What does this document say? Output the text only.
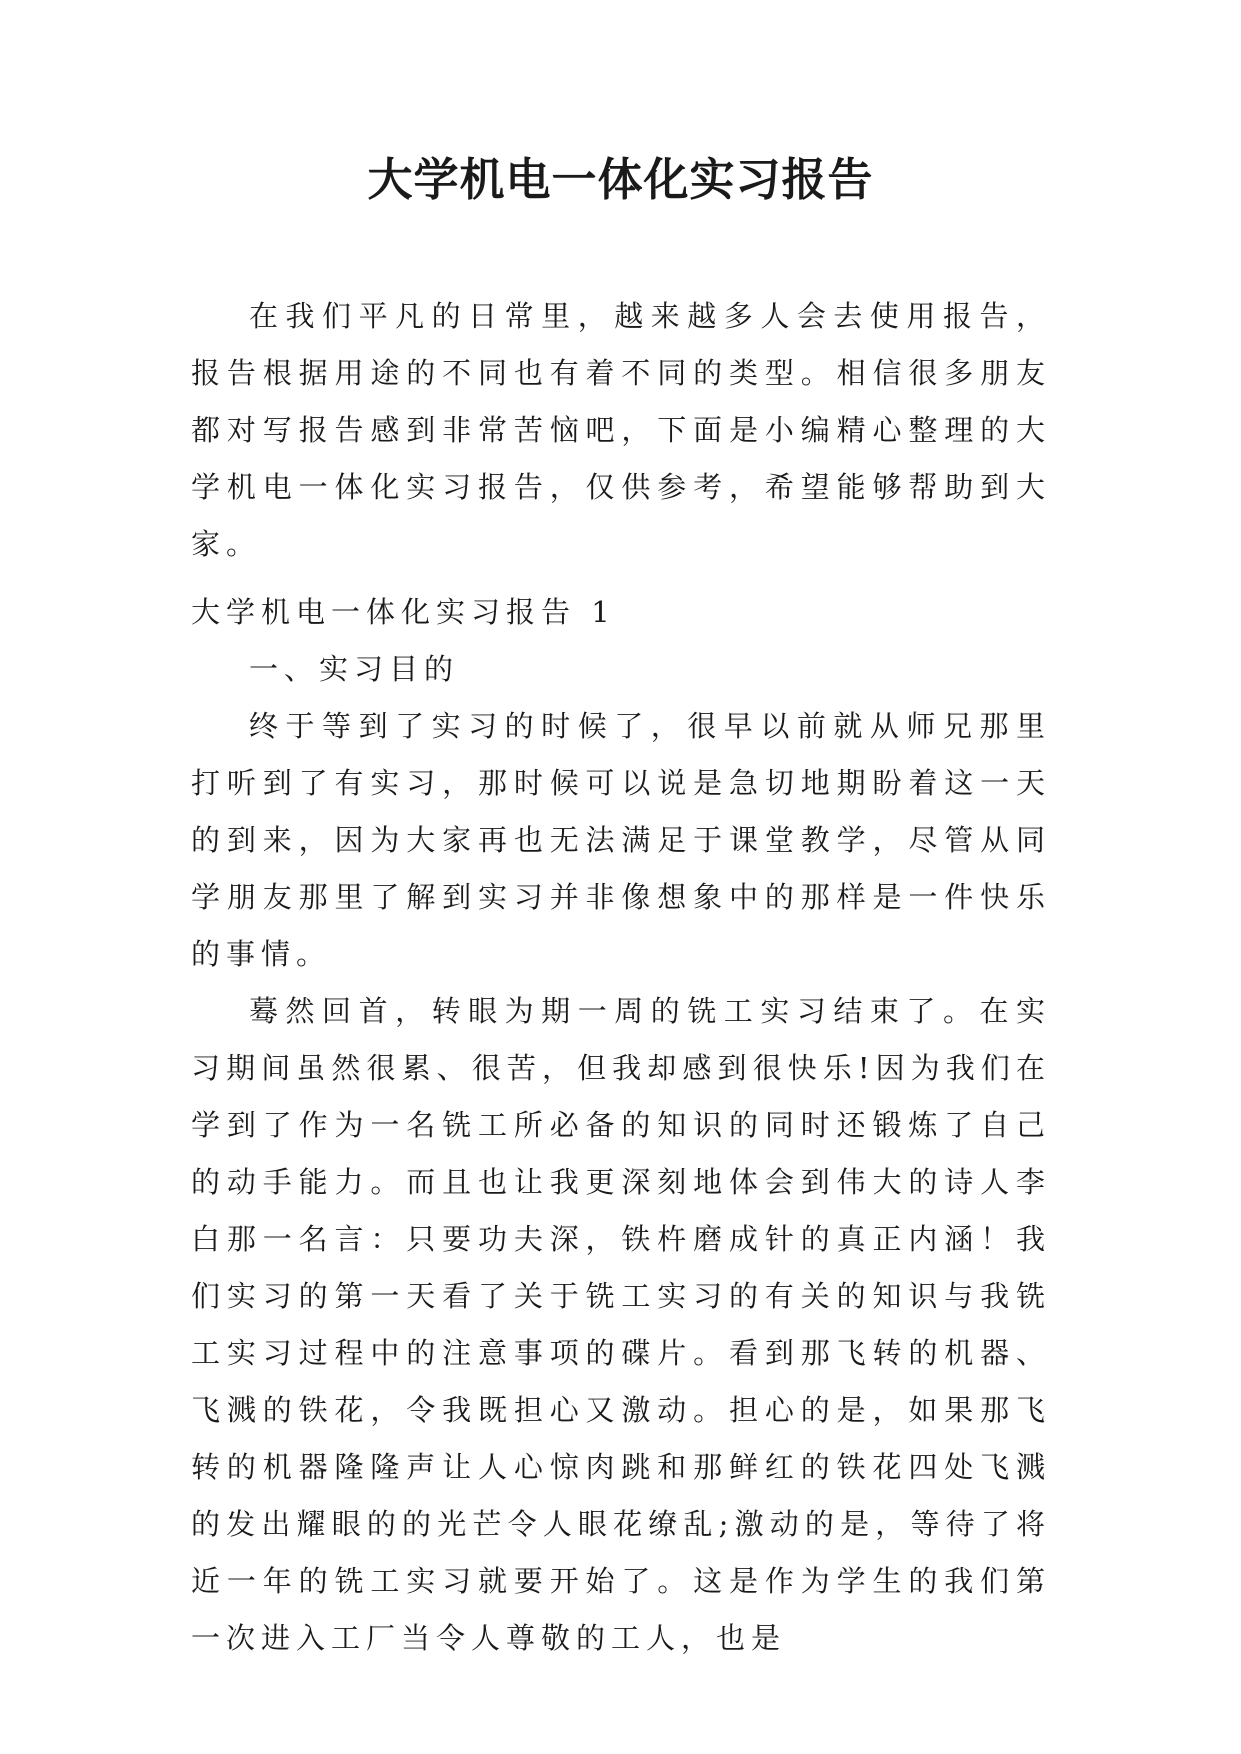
大学机电一体化实习报告

在我们平凡的日常里，越来越多人会去使用报告，报告根据用途的不同也有着不同的类型。相信很多朋友都对写报告感到非常苦恼吧，下面是小编精心整理的大学机电一体化实习报告，仅供参考，希望能够帮助到大家。

大学机电一体化实习报告 1

一、实习目的

终于等到了实习的时候了，很早以前就从师兄那里打听到了有实习，那时候可以说是急切地期盼着这一天的到来，因为大家再也无法满足于课堂教学，尽管从同学朋友那里了解到实习并非像想象中的那样是一件快乐的事情。

蓦然回首，转眼为期一周的铣工实习结束了。在实习期间虽然很累、很苦，但我却感到很快乐!因为我们在学到了作为一名铣工所必备的知识的同时还锻炼了自己的动手能力。而且也让我更深刻地体会到伟大的诗人李白那一名言：只要功夫深，铁杵磨成针的真正内涵！我们实习的第一天看了关于铣工实习的有关的知识与我铣工实习过程中的注意事项的碟片。看到那飞转的机器、飞溅的铁花，令我既担心又激动。担心的是，如果那飞转的机器隆隆声让人心惊肉跳和那鲜红的铁花四处飞溅的发出耀眼的的光芒令人眼花缭乱;激动的是，等待了将近一年的铣工实习就要开始了。这是作为学生的我们第一次进入工厂当令人尊敬的工人，也是
